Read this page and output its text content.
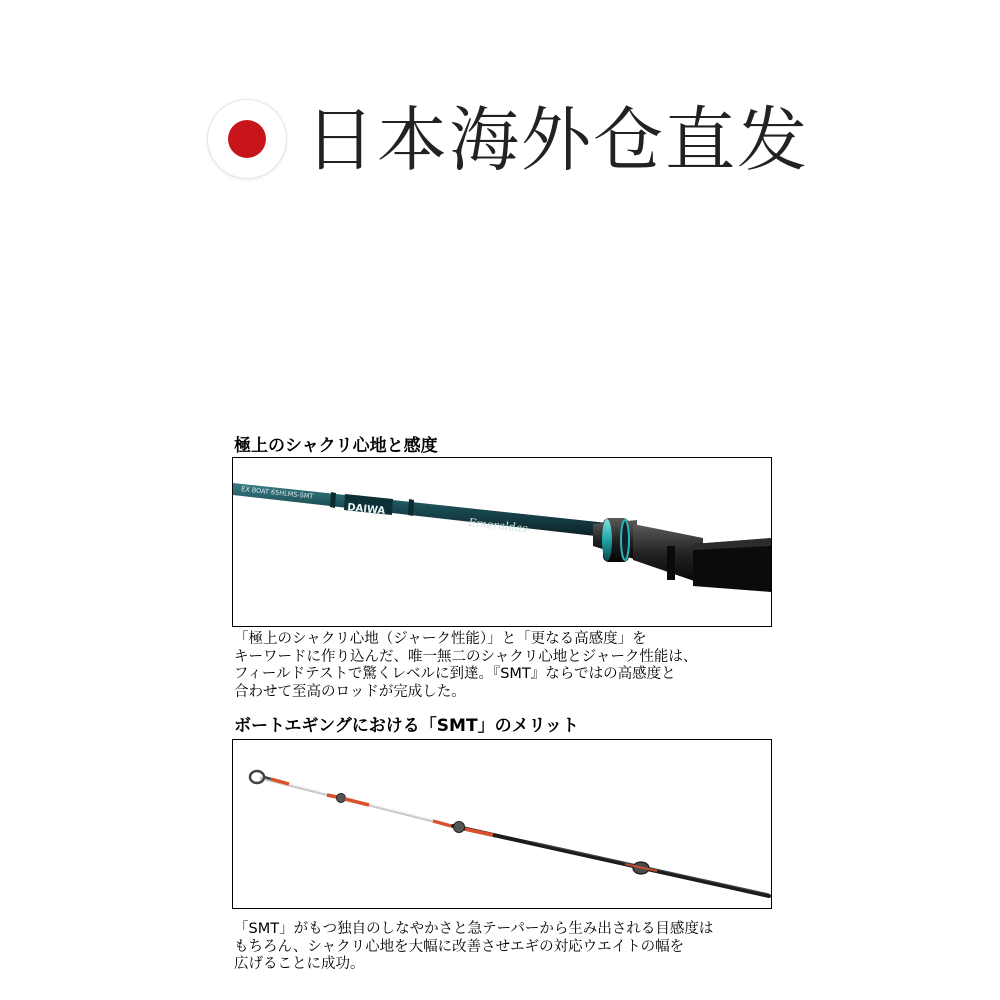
日本海外仓直发
極上のシャクリ心地と感度
DAIWA
EX BOAT 65HLMS-SMT
Emeraldas
「極上のシャクリ心地（ジャーク性能）」と「更なる高感度」を
キーワードに作り込んだ、唯一無二のシャクリ心地とジャーク性能は、
フィールドテストで驚くレベルに到達。『SMT』ならではの高感度と
合わせて至高のロッドが完成した。
ボートエギングにおける「SMT」のメリット
「SMT」がもつ独自のしなやかさと急テーパーから生み出される目感度は
もちろん、シャクリ心地を大幅に改善させエギの対応ウエイトの幅を
広げることに成功。
